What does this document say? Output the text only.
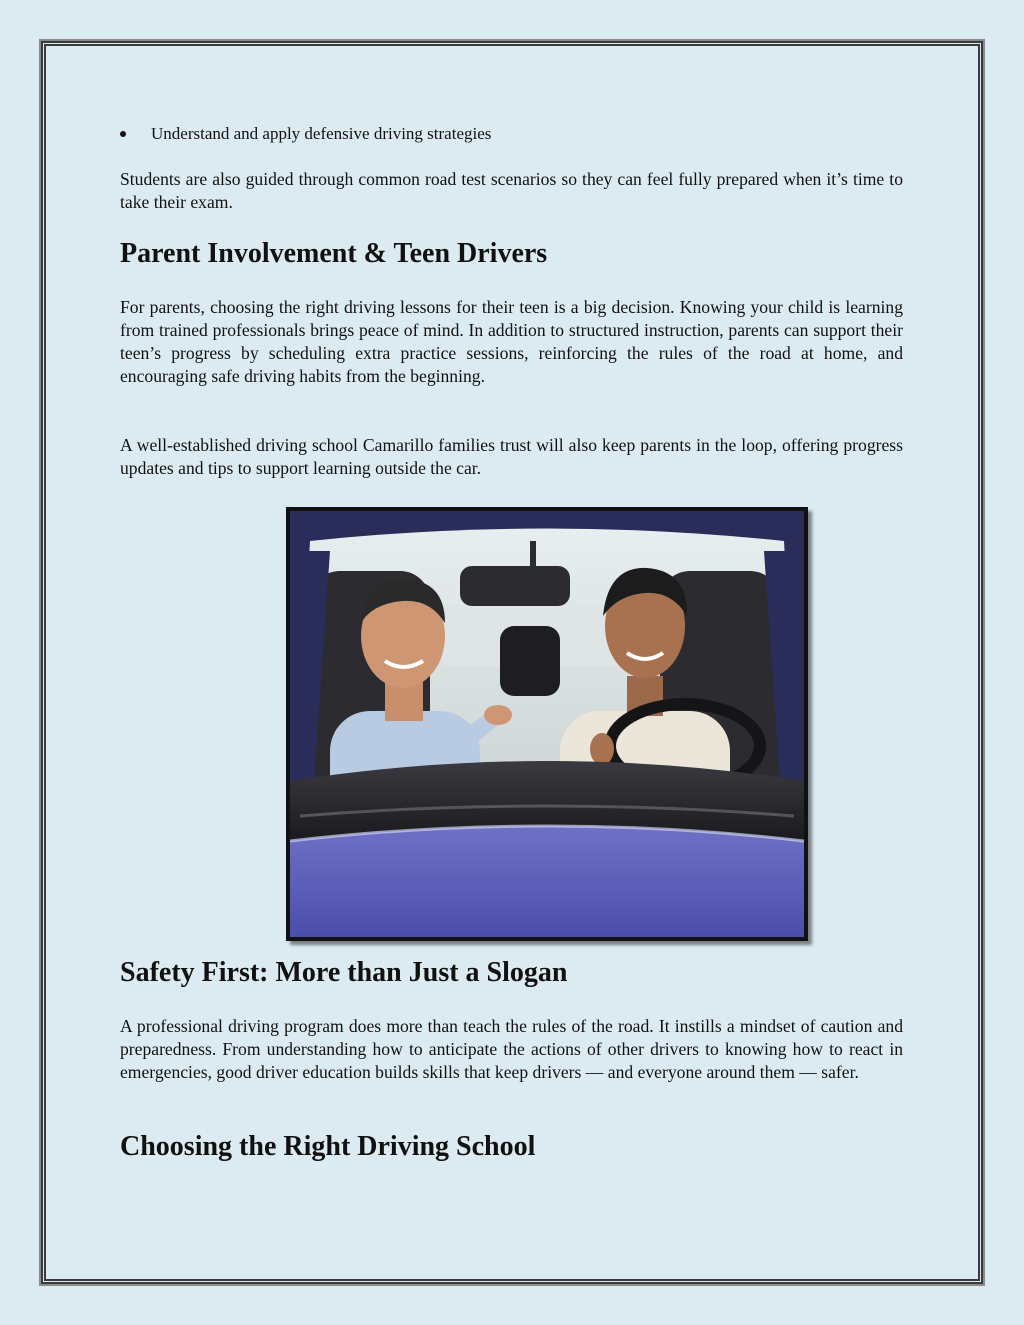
Understand and apply defensive driving strategies

Students are also guided through common road test scenarios so they can feel fully prepared when it’s time to take their exam.

Parent Involvement & Teen Drivers

For parents, choosing the right driving lessons for their teen is a big decision. Knowing your child is learning from trained professionals brings peace of mind. In addition to structured instruction, parents can support their teen’s progress by scheduling extra practice sessions, reinforcing the rules of the road at home, and encouraging safe driving habits from the beginning.

A well-established driving school Camarillo families trust will also keep parents in the loop, offering progress updates and tips to support learning outside the car.

Safety First: More than Just a Slogan

A professional driving program does more than teach the rules of the road. It instills a mindset of caution and preparedness. From understanding how to anticipate the actions of other drivers to knowing how to react in emergencies, good driver education builds skills that keep drivers — and everyone around them — safer.

Choosing the Right Driving School
